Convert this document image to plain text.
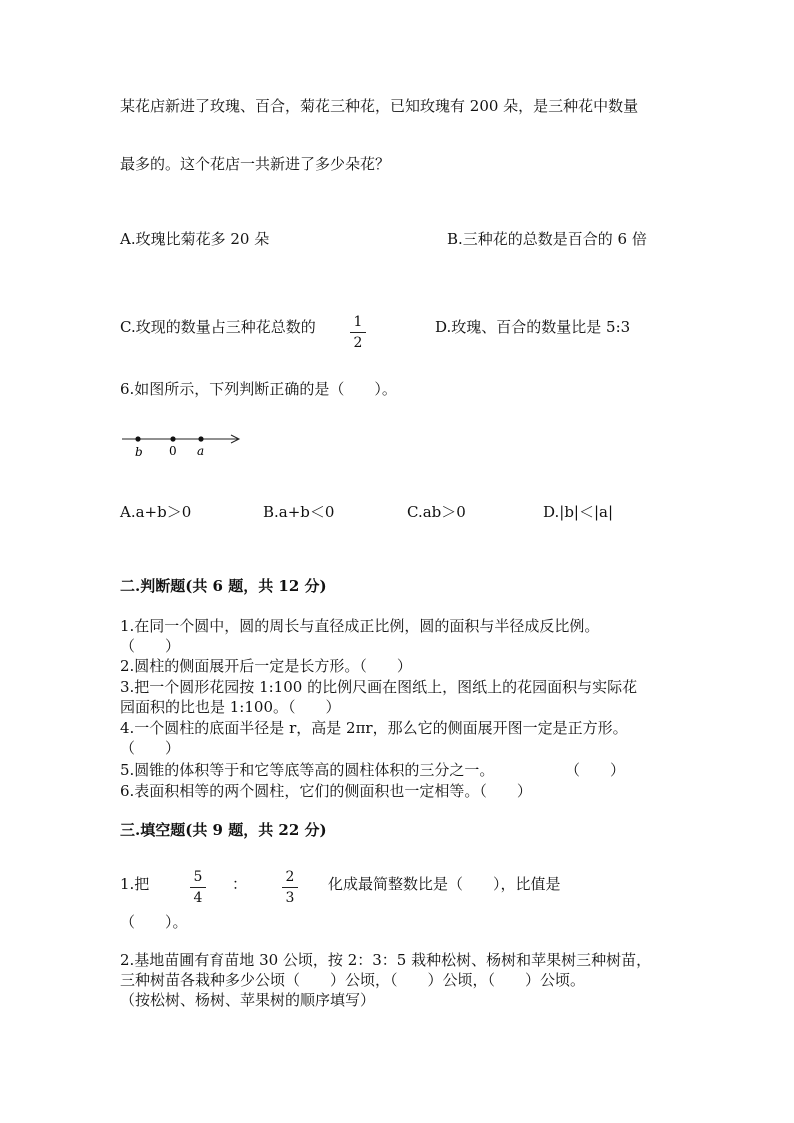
某花店新进了玫瑰、百合，菊花三种花，已知玫瑰有 200 朵，是三种花中数量
最多的。这个花店一共新进了多少朵花？
A.玫瑰比菊花多 20 朵	B.三种花的总数是百合的 6 倍
C.玫现的数量占三种花总数的	1
2
D.玫瑰、百合的数量比是 5:3
6.如图所示，下列判断正确的是（　　）。
b 0 a
A.a+b＞0	B.a+b＜0	C.ab＞0	D.|b|＜|a|
二.判断题(共 6 题，共 12 分)
1.在同一个圆中，圆的周长与直径成正比例，圆的面积与半径成反比例。
（　　）
2.圆柱的侧面展开后一定是长方形。（　　）
3.把一个圆形花园按 1:100 的比例尺画在图纸上，图纸上的花园面积与实际花
园面积的比也是 1:100。（　　）
4.一个圆柱的底面半径是 r，高是 2πr，那么它的侧面展开图一定是正方形。
（　　）
5.圆锥的体积等于和它等底等高的圆柱体积的三分之一。	（　　）
6.表面积相等的两个圆柱，它们的侧面积也一定相等。（　　）
三.填空题(共 9 题，共 22 分)
1.把	5
4
：	2
3
化成最简整数比是（　　），比值是
（　　）。
2.基地苗圃有育苗地 30 公顷，按 2：3：5 栽种松树、杨树和苹果树三种树苗，
三种树苗各栽种多少公顷（　　）公顷，（　　）公顷，（　　）公顷。
（按松树、杨树、苹果树的顺序填写）
